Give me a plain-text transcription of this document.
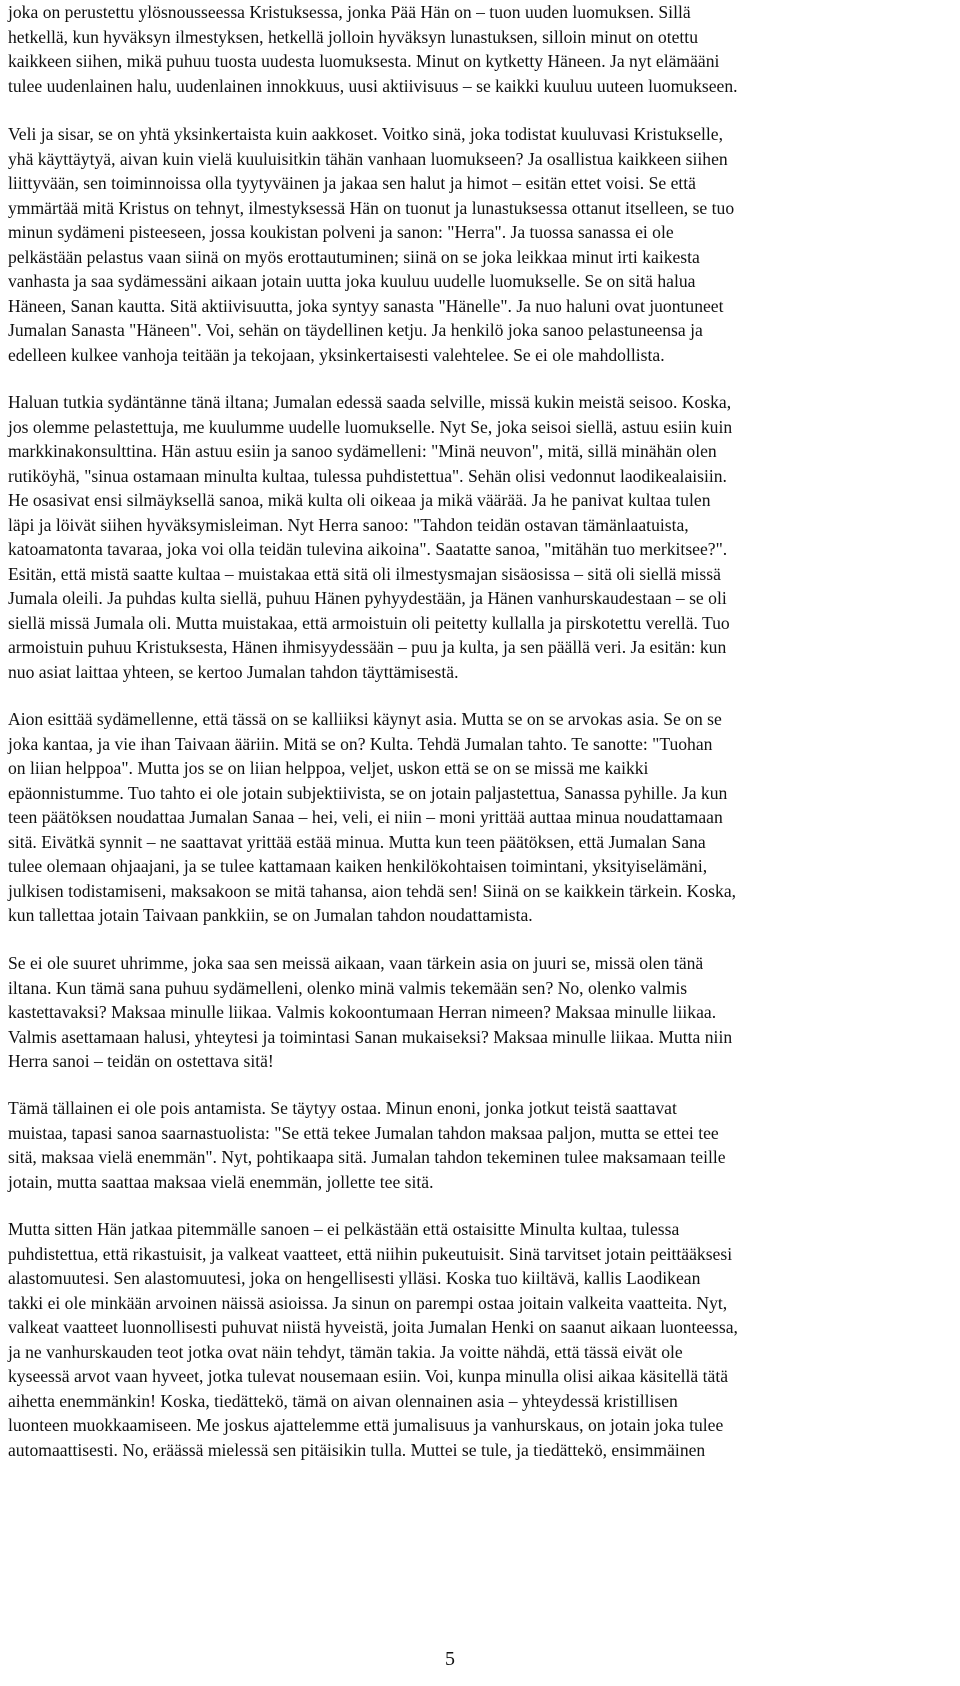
joka on perustettu ylösnousseessa Kristuksessa, jonka Pää Hän on – tuon uuden luomuksen. Sillä
hetkellä, kun hyväksyn ilmestyksen, hetkellä jolloin hyväksyn lunastuksen, silloin minut on otettu
kaikkeen siihen, mikä puhuu tuosta uudesta luomuksesta. Minut on kytketty Häneen. Ja nyt elämääni
tulee uudenlainen halu, uudenlainen innokkuus, uusi aktiivisuus – se kaikki kuuluu uuteen luomukseen.
Veli ja sisar, se on yhtä yksinkertaista kuin aakkoset. Voitko sinä, joka todistat kuuluvasi Kristukselle,
yhä käyttäytyä, aivan kuin vielä kuuluisitkin tähän vanhaan luomukseen? Ja osallistua kaikkeen siihen
liittyvään, sen toiminnoissa olla tyytyväinen ja jakaa sen halut ja himot – esitän ettet voisi. Se että
ymmärtää mitä Kristus on tehnyt, ilmestyksessä Hän on tuonut ja lunastuksessa ottanut itselleen, se tuo
minun sydämeni pisteeseen, jossa koukistan polveni ja sanon: "Herra". Ja tuossa sanassa ei ole
pelkästään pelastus vaan siinä on myös erottautuminen; siinä on se joka leikkaa minut irti kaikesta
vanhasta ja saa sydämessäni aikaan jotain uutta joka kuuluu uudelle luomukselle. Se on sitä halua
Häneen, Sanan kautta. Sitä aktiivisuutta, joka syntyy sanasta "Hänelle". Ja nuo haluni ovat juontuneet
Jumalan Sanasta "Häneen". Voi, sehän on täydellinen ketju. Ja henkilö joka sanoo pelastuneensa ja
edelleen kulkee vanhoja teitään ja tekojaan, yksinkertaisesti valehtelee. Se ei ole mahdollista.
Haluan tutkia sydäntänne tänä iltana; Jumalan edessä saada selville, missä kukin meistä seisoo. Koska,
jos olemme pelastettuja, me kuulumme uudelle luomukselle. Nyt Se, joka seisoi siellä, astuu esiin kuin
markkinakonsulttina. Hän astuu esiin ja sanoo sydämelleni: "Minä neuvon", mitä, sillä minähän olen
rutiköyhä, "sinua ostamaan minulta kultaa, tulessa puhdistettua". Sehän olisi vedonnut laodikealaisiin.
He osasivat ensi silmäyksellä sanoa, mikä kulta oli oikeaa ja mikä väärää. Ja he panivat kultaa tulen
läpi ja löivät siihen hyväksymisleiman. Nyt Herra sanoo: "Tahdon teidän ostavan tämänlaatuista,
katoamatonta tavaraa, joka voi olla teidän tulevina aikoina". Saatatte sanoa, "mitähän tuo merkitsee?".
Esitän, että mistä saatte kultaa – muistakaa että sitä oli ilmestysmajan sisäosissa – sitä oli siellä missä
Jumala oleili. Ja puhdas kulta siellä, puhuu Hänen pyhyydestään, ja Hänen vanhurskaudestaan – se oli
siellä missä Jumala oli. Mutta muistakaa, että armoistuin oli peitetty kullalla ja pirskotettu verellä. Tuo
armoistuin puhuu Kristuksesta, Hänen ihmisyydessään – puu ja kulta, ja sen päällä veri. Ja esitän: kun
nuo asiat laittaa yhteen, se kertoo Jumalan tahdon täyttämisestä.
Aion esittää sydämellenne, että tässä on se kalliiksi käynyt asia. Mutta se on se arvokas asia. Se on se
joka kantaa, ja vie ihan Taivaan ääriin. Mitä se on? Kulta. Tehdä Jumalan tahto. Te sanotte: "Tuohan
on liian helppoa". Mutta jos se on liian helppoa, veljet, uskon että se on se missä me kaikki
epäonnistumme. Tuo tahto ei ole jotain subjektiivista, se on jotain paljastettua, Sanassa pyhille. Ja kun
teen päätöksen noudattaa Jumalan Sanaa – hei, veli, ei niin – moni yrittää auttaa minua noudattamaan
sitä. Eivätkä synnit – ne saattavat yrittää estää minua. Mutta kun teen päätöksen, että Jumalan Sana
tulee olemaan ohjaajani, ja se tulee kattamaan kaiken henkilökohtaisen toimintani, yksityiselämäni,
julkisen todistamiseni, maksakoon se mitä tahansa, aion tehdä sen! Siinä on se kaikkein tärkein. Koska,
kun tallettaa jotain Taivaan pankkiin, se on Jumalan tahdon noudattamista.
Se ei ole suuret uhrimme, joka saa sen meissä aikaan, vaan tärkein asia on juuri se, missä olen tänä
iltana. Kun tämä sana puhuu sydämelleni, olenko minä valmis tekemään sen? No, olenko valmis
kastettavaksi? Maksaa minulle liikaa. Valmis kokoontumaan Herran nimeen? Maksaa minulle liikaa.
Valmis asettamaan halusi, yhteytesi ja toimintasi Sanan mukaiseksi? Maksaa minulle liikaa. Mutta niin
Herra sanoi – teidän on ostettava sitä!
Tämä tällainen ei ole pois antamista. Se täytyy ostaa. Minun enoni, jonka jotkut teistä saattavat
muistaa, tapasi sanoa saarnastuolista: "Se että tekee Jumalan tahdon maksaa paljon, mutta se ettei tee
sitä, maksaa vielä enemmän". Nyt, pohtikaapa sitä. Jumalan tahdon tekeminen tulee maksamaan teille
jotain, mutta saattaa maksaa vielä enemmän, jollette tee sitä.
Mutta sitten Hän jatkaa pitemmälle sanoen – ei pelkästään että ostaisitte Minulta kultaa, tulessa
puhdistettua, että rikastuisit, ja valkeat vaatteet, että niihin pukeutuisit. Sinä tarvitset jotain peittääksesi
alastomuutesi. Sen alastomuutesi, joka on hengellisesti ylläsi. Koska tuo kiiltävä, kallis Laodikean
takki ei ole minkään arvoinen näissä asioissa. Ja sinun on parempi ostaa joitain valkeita vaatteita. Nyt,
valkeat vaatteet luonnollisesti puhuvat niistä hyveistä, joita Jumalan Henki on saanut aikaan luonteessa,
ja ne vanhurskauden teot jotka ovat näin tehdyt, tämän takia. Ja voitte nähdä, että tässä eivät ole
kyseessä arvot vaan hyveet, jotka tulevat nousemaan esiin. Voi, kunpa minulla olisi aikaa käsitellä tätä
aihetta enemmänkin! Koska, tiedättekö, tämä on aivan olennainen asia – yhteydessä kristillisen
luonteen muokkaamiseen. Me joskus ajattelemme että jumalisuus ja vanhurskaus, on jotain joka tulee
automaattisesti. No, eräässä mielessä sen pitäisikin tulla. Muttei se tule, ja tiedättekö, ensimmäinen
5
